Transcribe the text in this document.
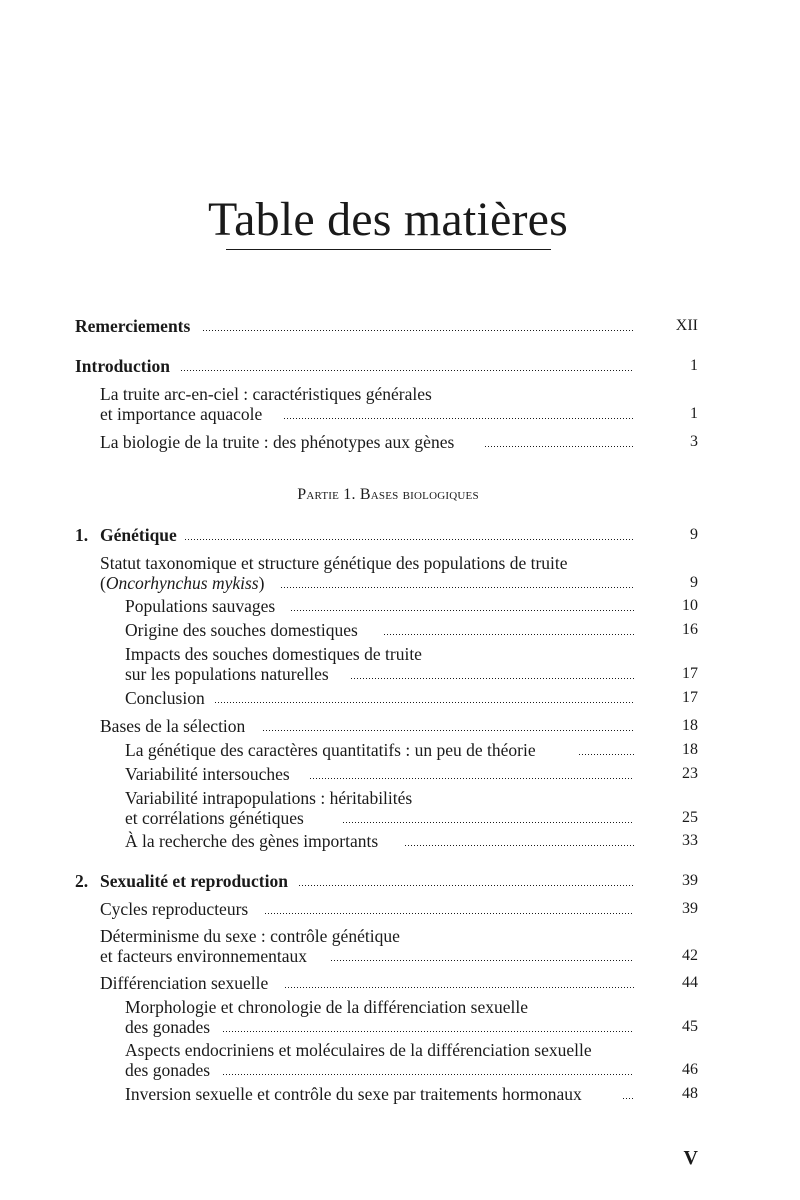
Table des matières
Remerciements	XII
Introduction	1
La truite arc-en-ciel : caractéristiques générales
et importance aquacole	1
La biologie de la truite : des phénotypes aux gènes	3
Partie 1. Bases biologiques
1. Génétique	9
Statut taxonomique et structure génétique des populations de truite
(Oncorhynchus mykiss)	9
Populations sauvages	10
Origine des souches domestiques	16
Impacts des souches domestiques de truite
sur les populations naturelles	17
Conclusion	17
Bases de la sélection	18
La génétique des caractères quantitatifs : un peu de théorie	18
Variabilité intersouches	23
Variabilité intrapopulations : héritabilités
et corrélations génétiques	25
À la recherche des gènes importants	33
2. Sexualité et reproduction	39
Cycles reproducteurs	39
Déterminisme du sexe : contrôle génétique
et facteurs environnementaux	42
Différenciation sexuelle	44
Morphologie et chronologie de la différenciation sexuelle
des gonades	45
Aspects endocriniens et moléculaires de la différenciation sexuelle
des gonades	46
Inversion sexuelle et contrôle du sexe par traitements hormonaux	48
V
